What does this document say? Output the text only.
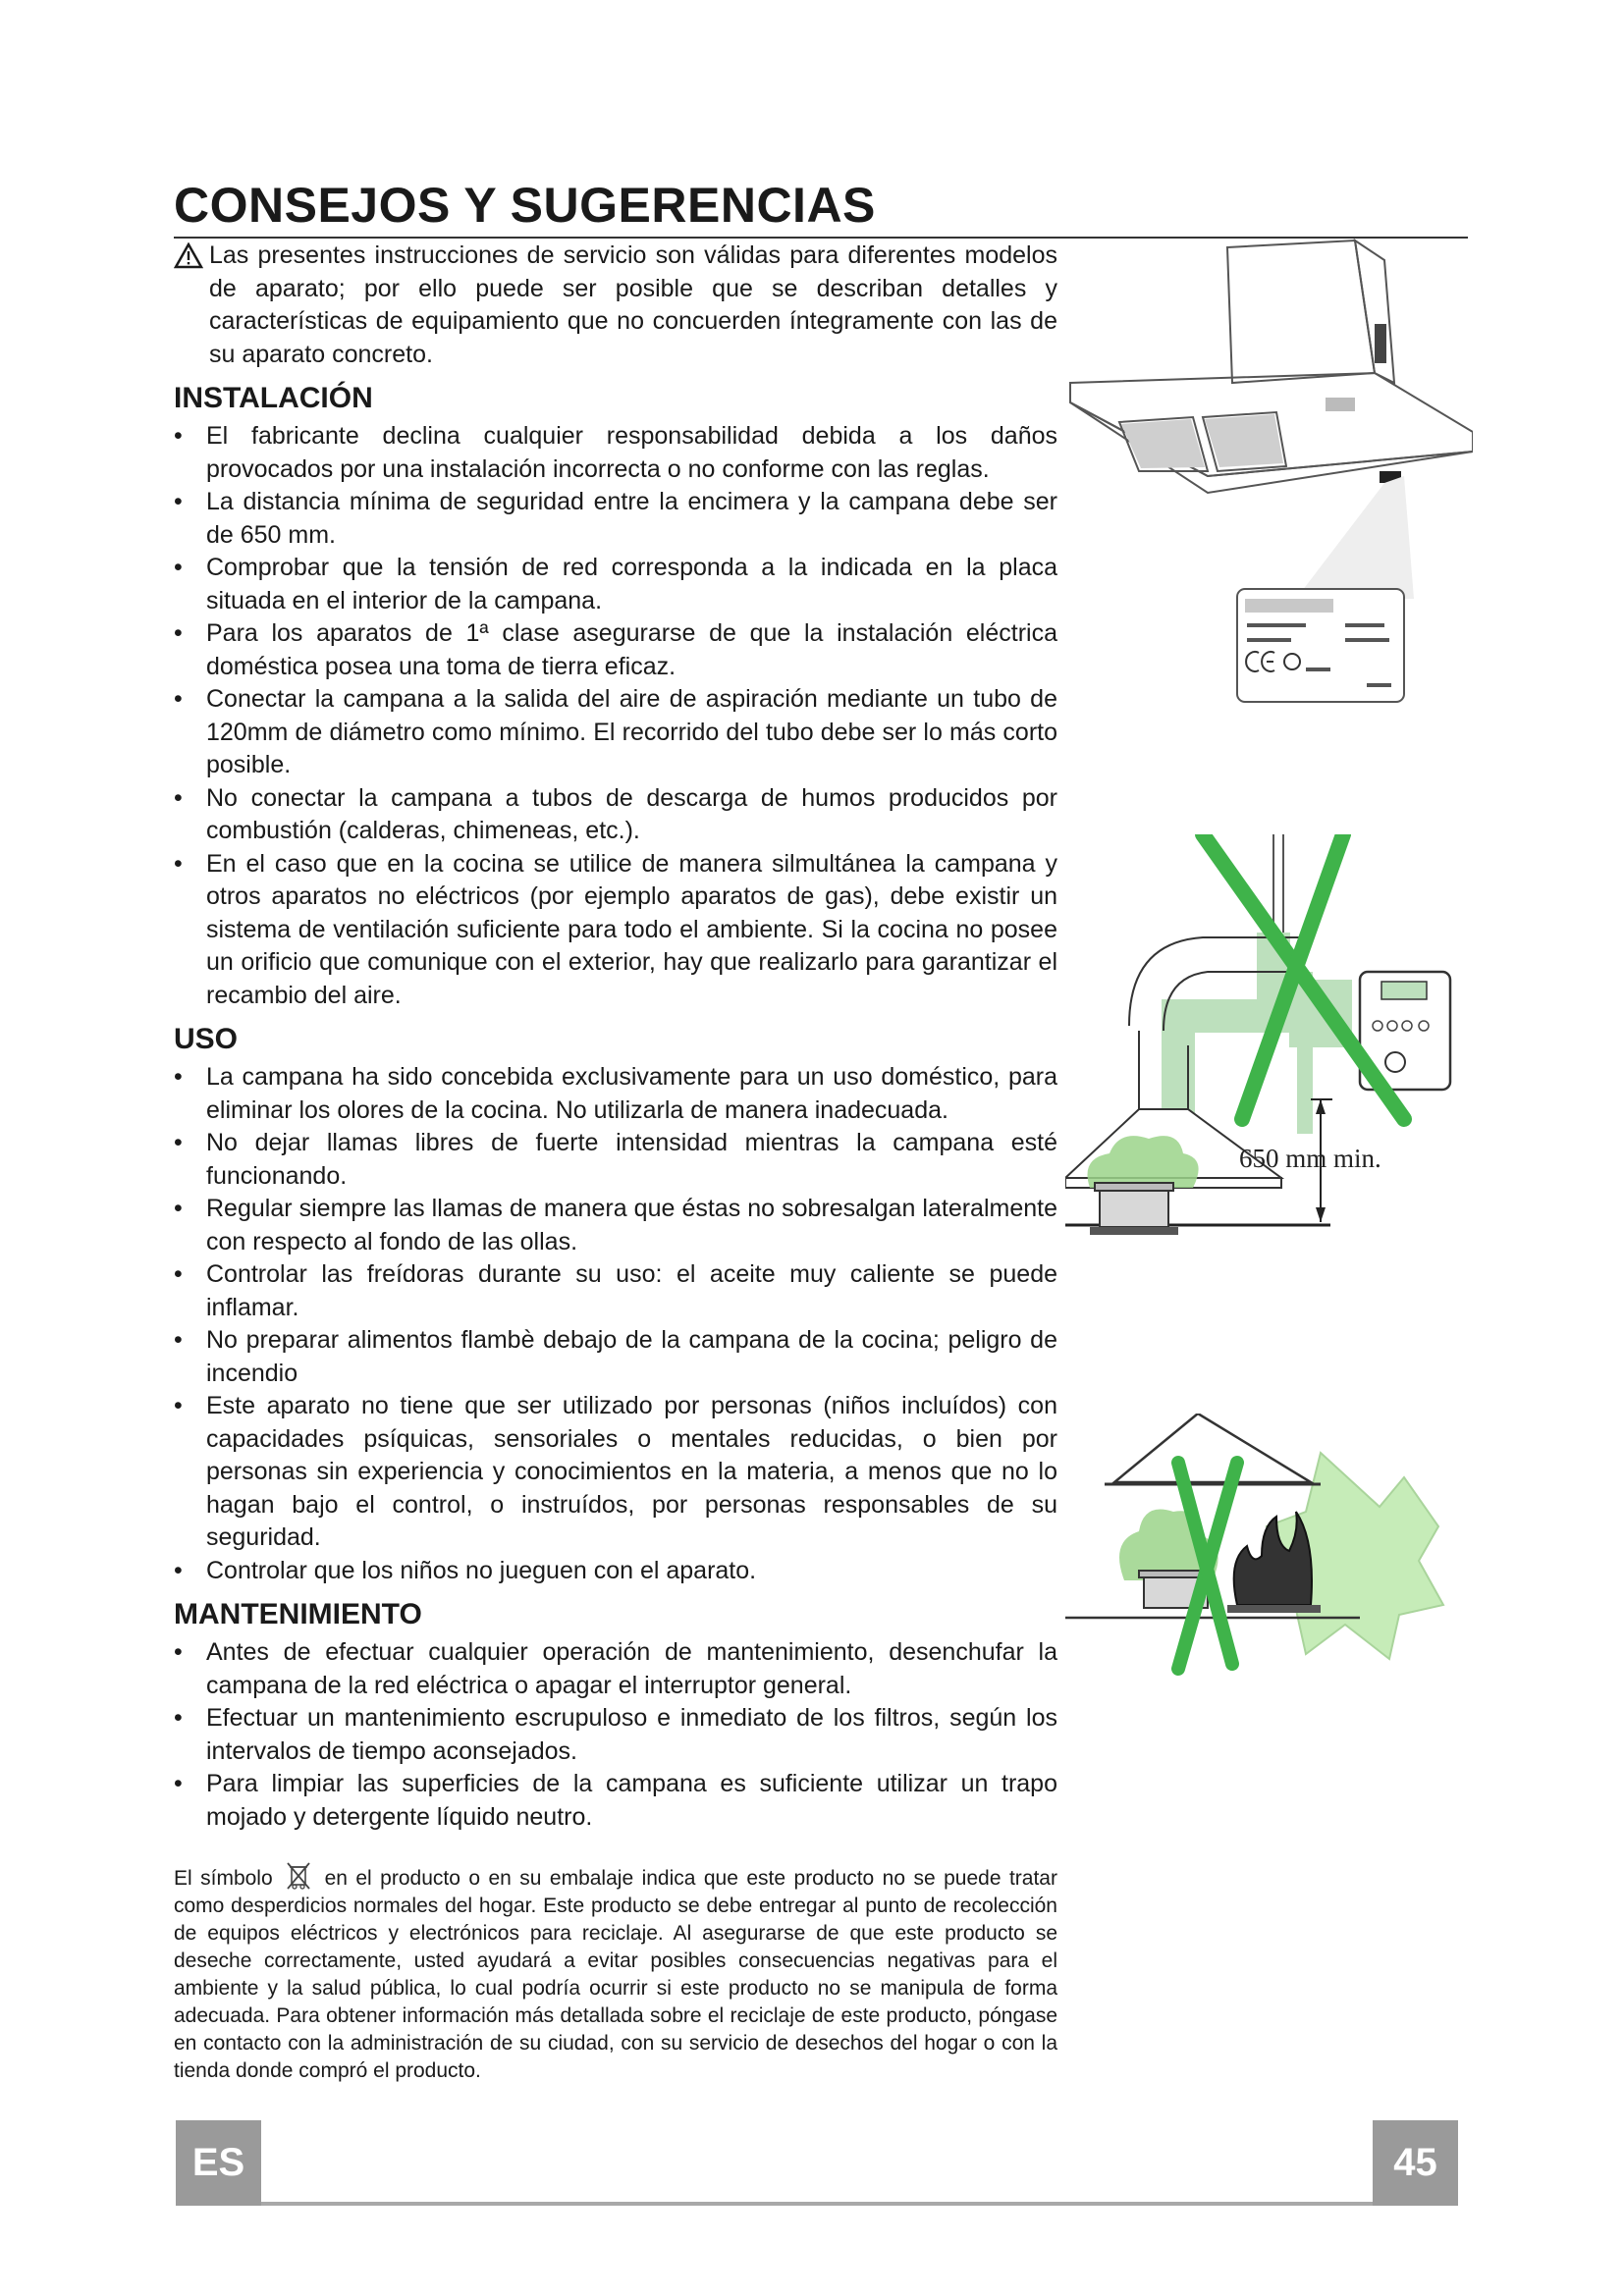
CONSEJOS Y SUGERENCIAS

Las presentes instrucciones de servicio son válidas para diferentes modelos de aparato; por ello puede ser posible que se describan detalles y características de equipamiento que no concuerden íntegramente con las de su aparato concreto.

INSTALACIÓN
• El fabricante declina cualquier responsabilidad debida a los daños provocados por una instalación incorrecta o no conforme con las reglas.
• La distancia mínima de seguridad entre la encimera y la campana debe ser de 650 mm.
• Comprobar que la tensión de red corresponda a la indicada en la placa situada en el interior de la campana.
• Para los aparatos de 1ª clase asegurarse de que la instalación eléctrica doméstica posea una toma de tierra eficaz.
• Conectar la campana a la salida del aire de aspiración mediante un tubo de 120mm de diámetro como mínimo. El recorrido del tubo debe ser lo más corto posible.
• No conectar la campana a tubos de descarga de humos producidos por combustión (calderas, chimeneas, etc.).
• En el caso que en la cocina se utilice de manera silmultánea la campana y otros aparatos no eléctricos (por ejemplo aparatos de gas), debe existir un sistema de ventilación suficiente para todo el ambiente. Si la cocina no posee un orificio que comunique con el exterior, hay que realizarlo para garantizar el recambio del aire.
USO
• La campana ha sido concebida exclusivamente para un uso doméstico, para eliminar los olores de la cocina. No utilizarla de manera inadecuada.
• No dejar llamas libres de fuerte intensidad mientras la campana esté funcionando.
• Regular siempre las llamas de manera que éstas no sobresalgan lateralmente con respecto al fondo de las ollas.
• Controlar las freídoras durante su uso: el aceite muy caliente se puede inflamar.
• No preparar alimentos flambè debajo de la campana de la cocina; peligro de incendio
• Este aparato no tiene que ser utilizado por personas (niños incluídos) con capacidades psíquicas, sensoriales o mentales reducidas, o bien por personas sin experiencia y conocimientos en la materia, a menos que no lo hagan bajo el control, o instruídos, por personas responsables de su seguridad.
• Controlar que los niños no jueguen con el aparato.
MANTENIMIENTO
• Antes de efectuar cualquier operación de mantenimiento, desenchufar la campana de la red eléctrica o apagar el interruptor general.
• Efectuar un mantenimiento escrupuloso e inmediato de los filtros, según los intervalos de tiempo aconsejados.
• Para limpiar las superficies de la campana es suficiente utilizar un trapo mojado y detergente líquido neutro.

El símbolo	en el producto o en su embalaje indica que este producto no se puede tratar como desperdicios normales del hogar. Este producto se debe entregar al punto de recolección de equipos eléctricos y electrónicos para reciclaje. Al asegurarse de que este producto se deseche correctamente, usted ayudará a evitar posibles consecuencias negativas para el ambiente y la salud pública, lo cual podría ocurrir si este producto no se manipula de forma adecuada. Para obtener información más detallada sobre el reciclaje de este producto, póngase en contacto con la administración de su ciudad, con su servicio de desechos del hogar o con la tienda donde compró el producto.

650 mm min.
ES	45
